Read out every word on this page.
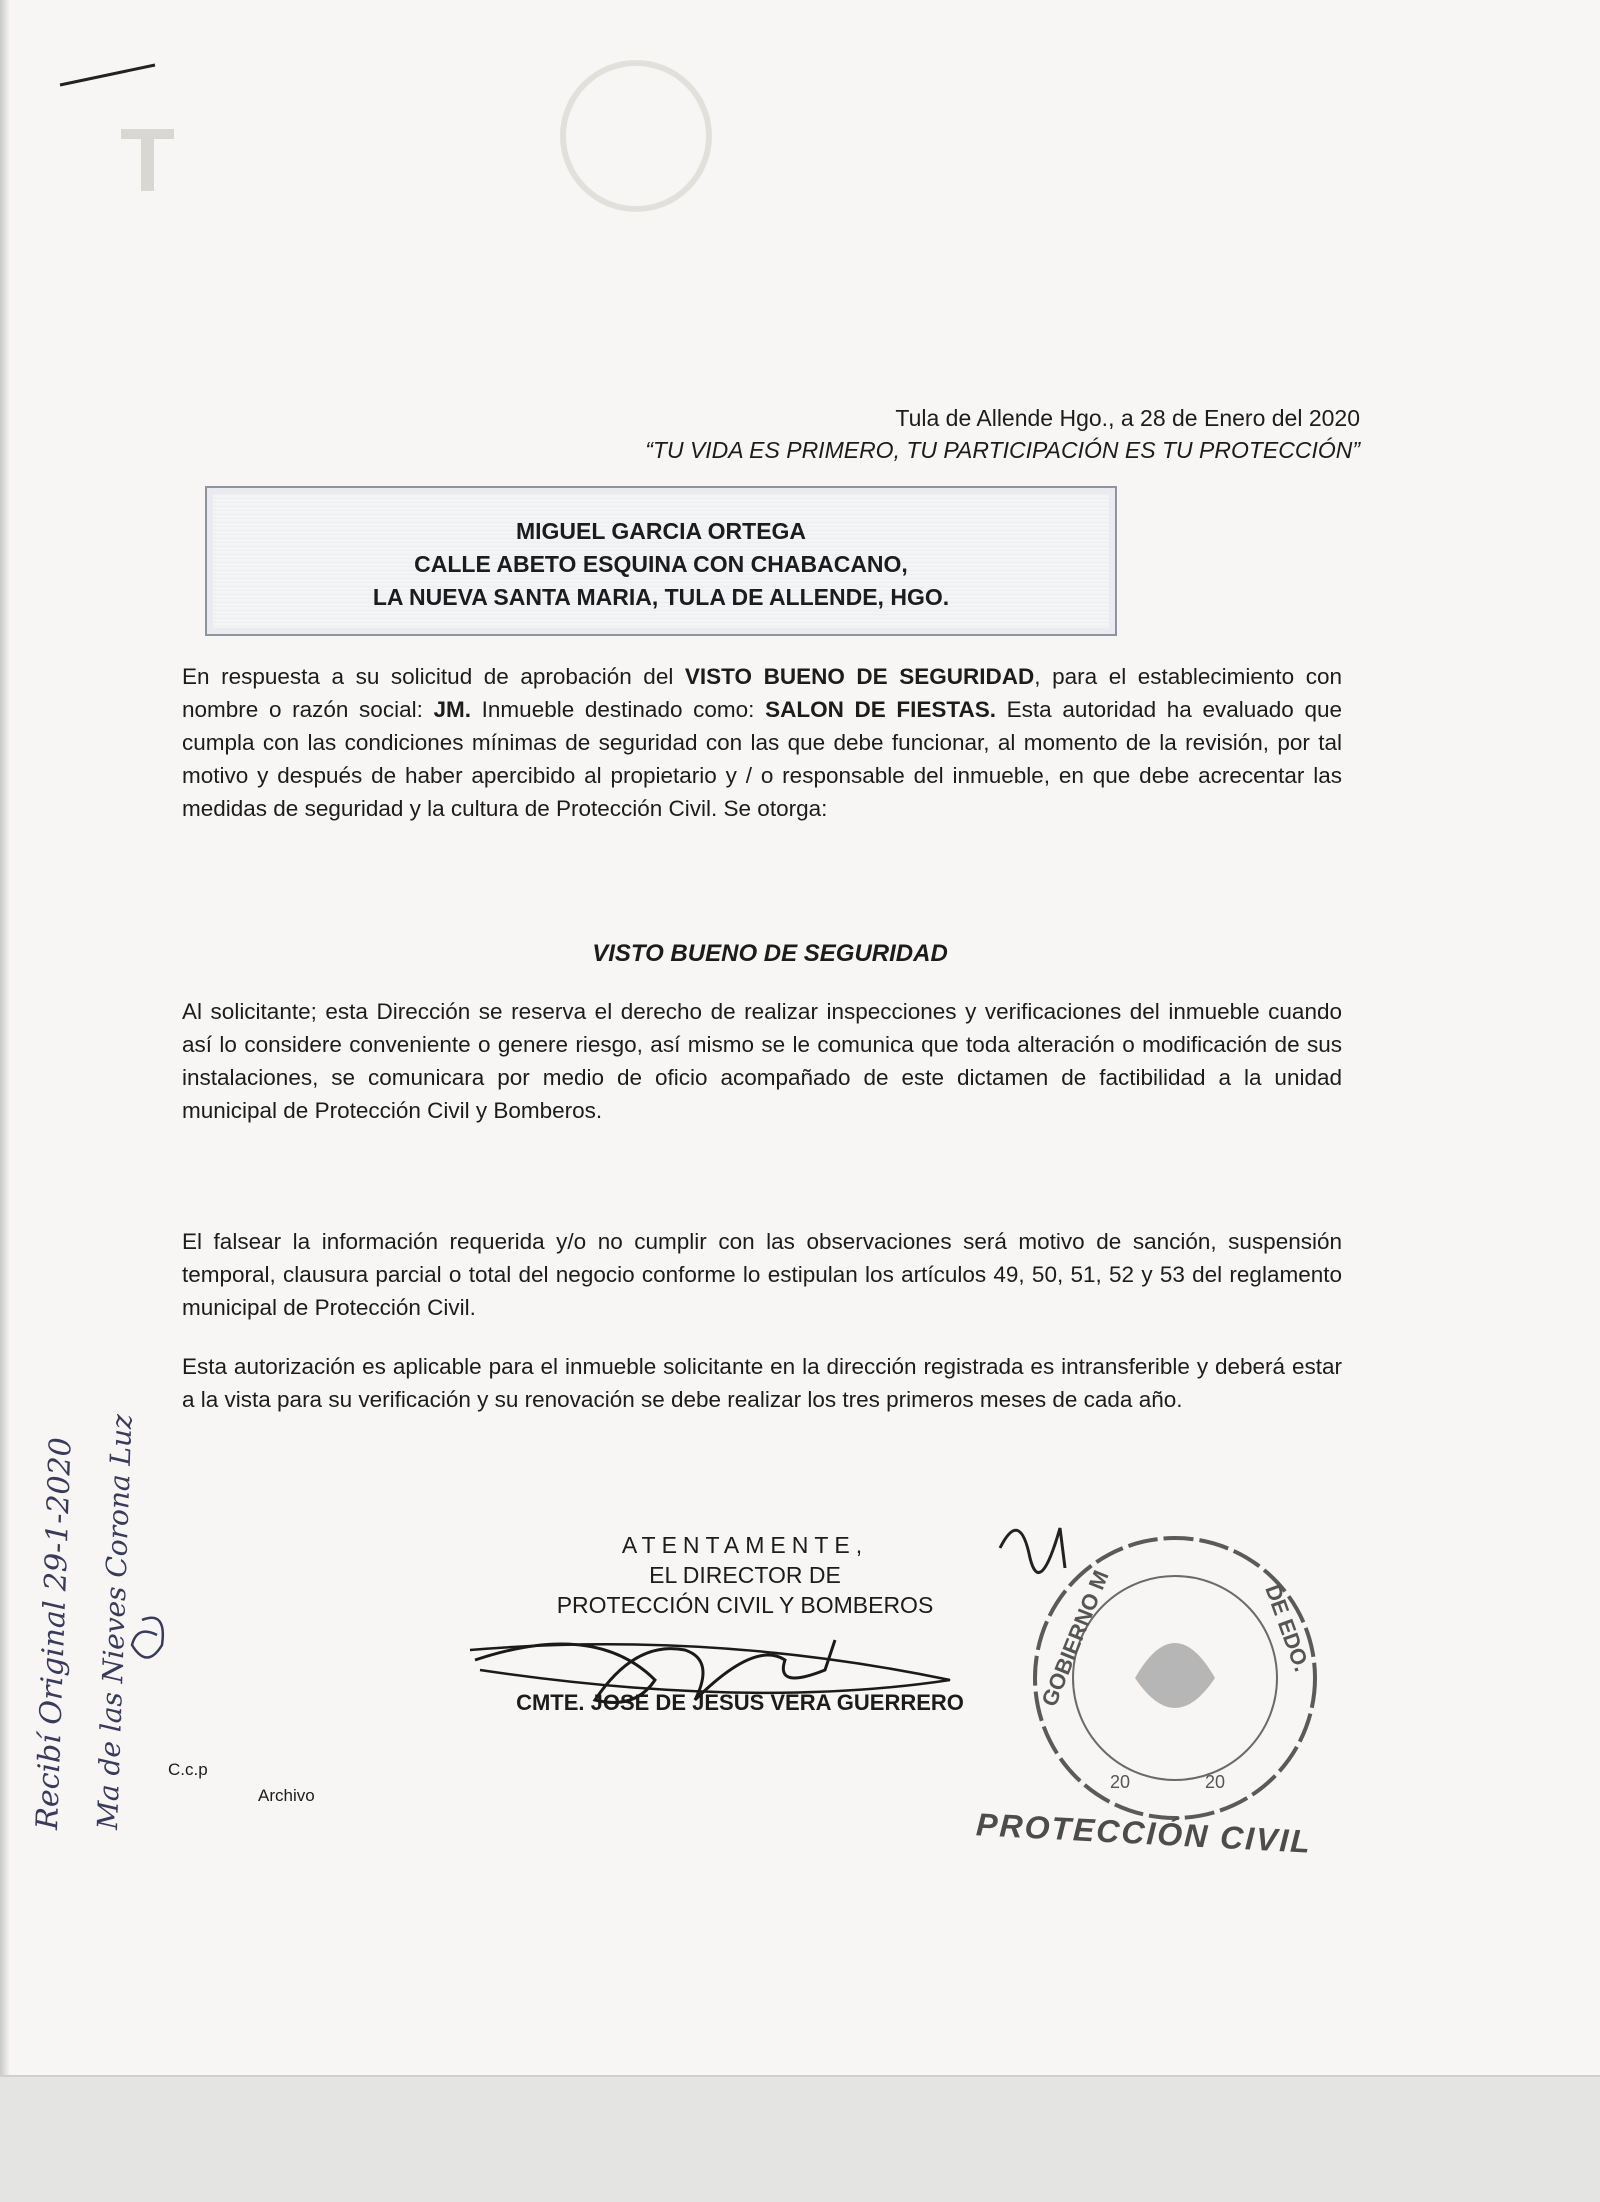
T
Tula de Allende Hgo., a 28 de Enero del 2020
“TU VIDA ES PRIMERO, TU PARTICIPACIÓN ES TU PROTECCIÓN”
MIGUEL GARCIA ORTEGA
CALLE ABETO ESQUINA CON CHABACANO,
LA NUEVA SANTA MARIA, TULA DE ALLENDE, HGO.
En respuesta a su solicitud de aprobación del VISTO BUENO DE SEGURIDAD, para el establecimiento con nombre o razón social: JM. Inmueble destinado como: SALON DE FIESTAS. Esta autoridad ha evaluado que cumpla con las condiciones mínimas de seguridad con las que debe funcionar, al momento de la revisión, por tal motivo y después de haber apercibido al propietario y / o responsable del inmueble, en que debe acrecentar las medidas de seguridad y la cultura de Protección Civil. Se otorga:
VISTO BUENO DE SEGURIDAD
Al solicitante; esta Dirección se reserva el derecho de realizar inspecciones y verificaciones del inmueble cuando así lo considere conveniente o genere riesgo, así mismo se le comunica que toda alteración o modificación de sus instalaciones, se comunicara por medio de oficio acompañado de este dictamen de factibilidad a la unidad municipal de Protección Civil y Bomberos.
El falsear la información requerida y/o no cumplir con las observaciones será motivo de sanción, suspensión temporal, clausura parcial o total del negocio conforme lo estipulan los artículos 49, 50, 51, 52 y 53 del reglamento municipal de Protección Civil.
Esta autorización es aplicable para el inmueble solicitante en la dirección registrada es intransferible y deberá estar a la vista para su verificación y su renovación se debe realizar los tres primeros meses de cada año.
ATENTAMENTE,
EL DIRECTOR DE
PROTECCIÓN CIVIL Y BOMBEROS
CMTE. JOSE DE JESUS VERA GUERRERO
C.c.p
Archivo
GOBIERNO M	DE EDO.
20	20
PROTECCIÓN CIVIL
Recibí Original 29-1-2020 Ma de las Nieves Corona Luz
